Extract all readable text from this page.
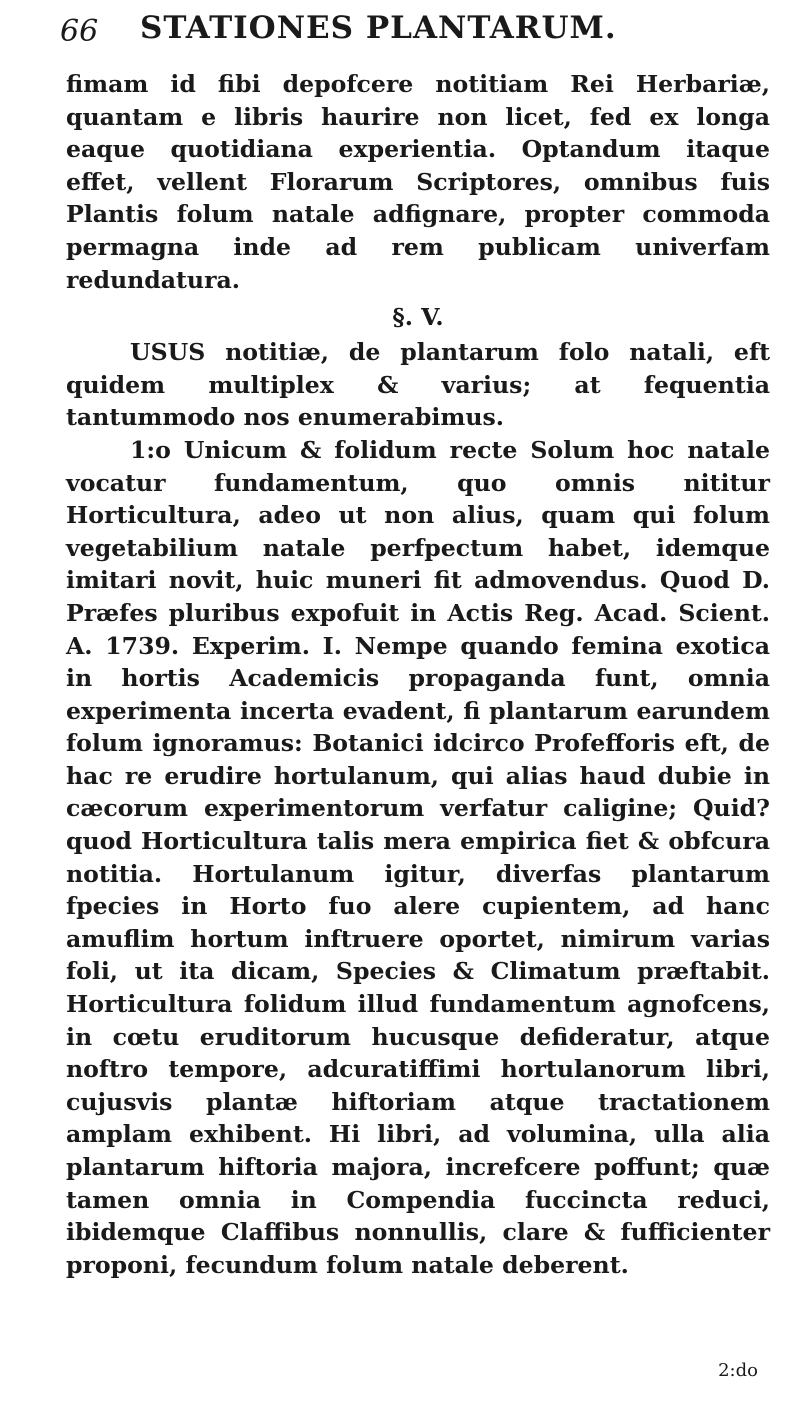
66 STATIONES PLANTARUM.

fimam id fibi depofcere notitiam Rei Herbariæ, quantam e libris haurire non licet, fed ex longa eaque quotidiana experientia. Optandum itaque effet, vellent Florarum Scriptores, omnibus fuis Plantis folum natale adfignare, propter commoda permagna inde ad rem publicam univerfam redundatura.

§. V.

USUS notitiæ, de plantarum folo natali, eft quidem multiplex & varius; at fequentia tantummodo nos enumerabimus.

1:o Unicum & folidum recte Solum hoc natale vocatur fundamentum, quo omnis nititur Horticultura, adeo ut non alius, quam qui folum vegetabilium natale perfpectum habet, idemque imitari novit, huic muneri fit admovendus. Quod D. Præfes pluribus expofuit in Actis Reg. Acad. Scient. A. 1739. Experim. I. Nempe quando femina exotica in hortis Academicis propaganda funt, omnia experimenta incerta evadent, fi plantarum earundem folum ignoramus: Botanici idcirco Profefforis eft, de hac re erudire hortulanum, qui alias haud dubie in cæcorum experimentorum verfatur caligine; Quid? quod Horticultura talis mera empirica fiet & obfcura notitia. Hortulanum igitur, diverfas plantarum fpecies in Horto fuo alere cupientem, ad hanc amuflim hortum inftruere oportet, nimirum varias foli, ut ita dicam, Species & Climatum præftabit. Horticultura folidum illud fundamentum agnofcens, in cœtu eruditorum hucusque defideratur, atque noftro tempore, adcuratiffimi hortulanorum libri, cujusvis plantæ hiftoriam atque tractationem amplam exhibent. Hi libri, ad volumina, ulla alia plantarum hiftoria majora, increfcere poffunt; quæ tamen omnia in Compendia fuccincta reduci, ibidemque Claffibus nonnullis, clare & fufficienter proponi, fecundum folum natale deberent.

2:do
